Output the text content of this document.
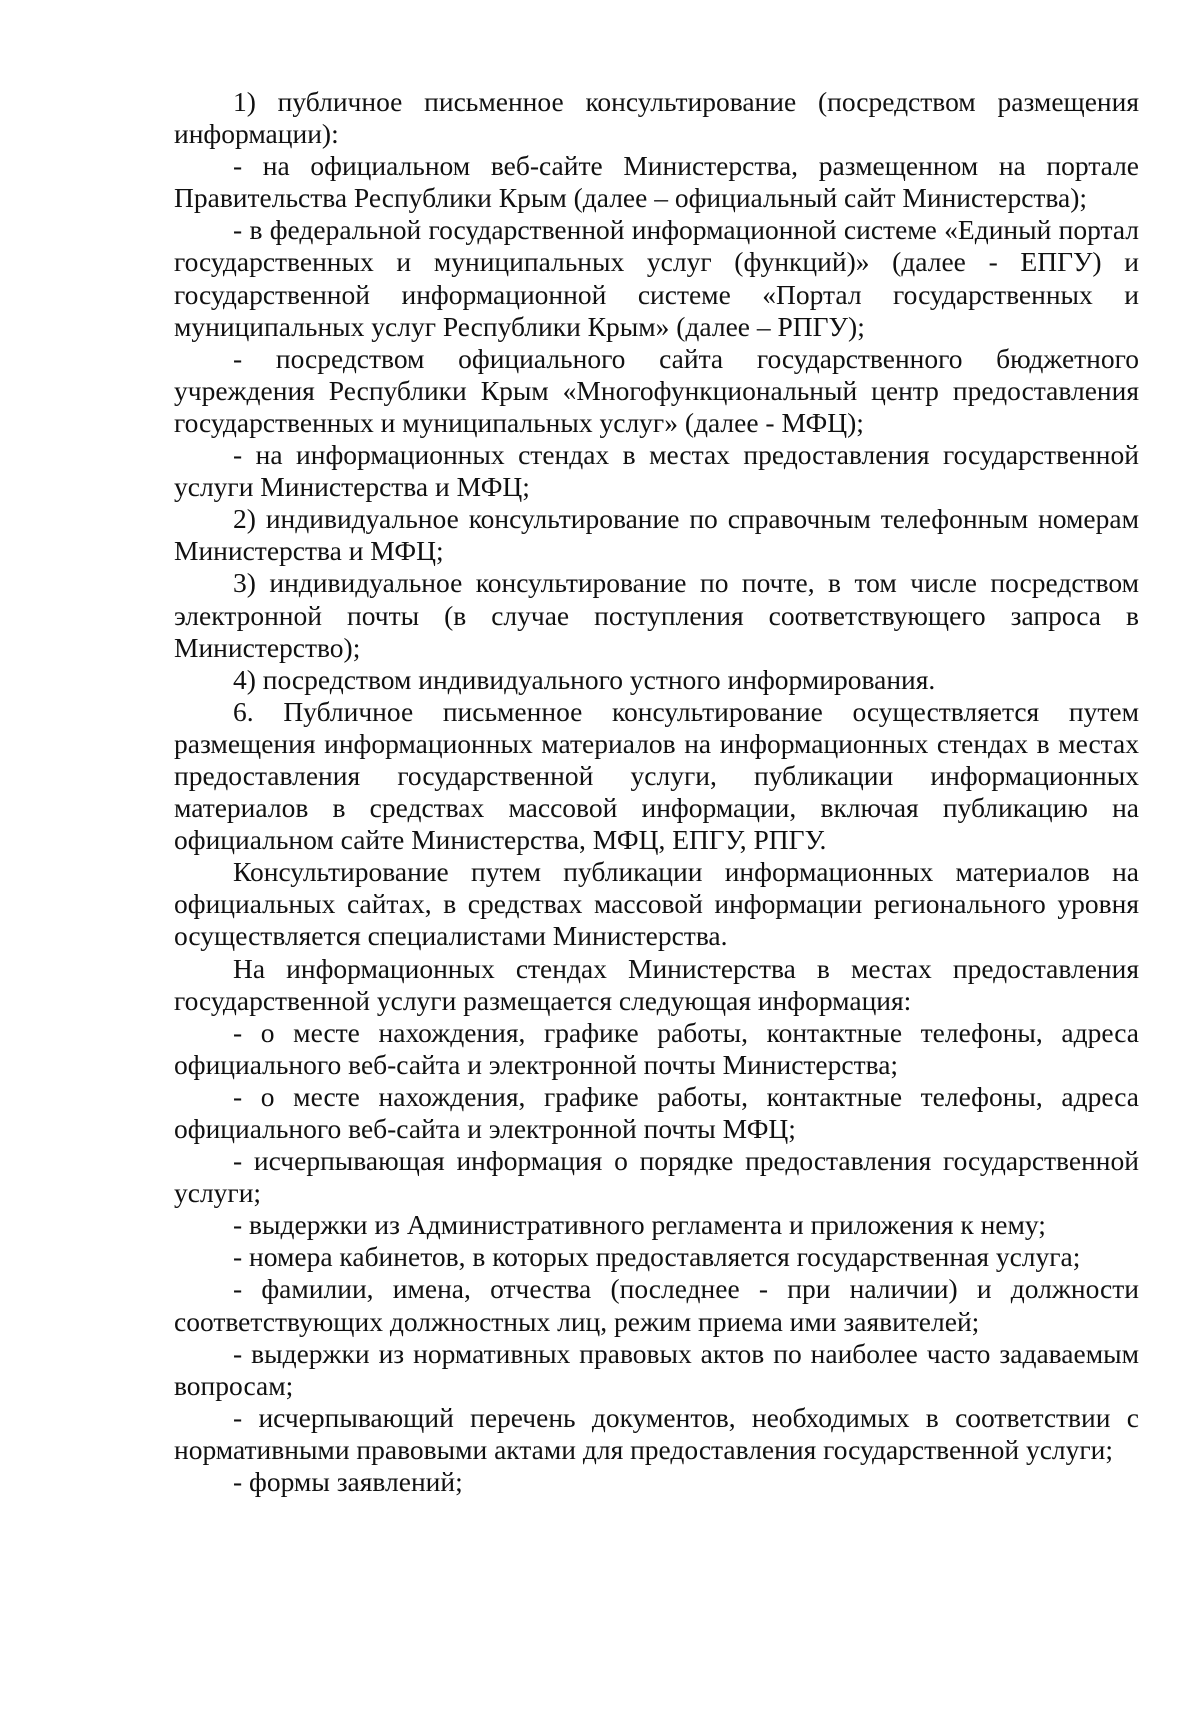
1) публичное письменное консультирование (посредством размещения информации):

- на официальном веб-сайте Министерства, размещенном на портале Правительства Республики Крым (далее – официальный сайт Министерства);

- в федеральной государственной информационной системе «Единый портал государственных и муниципальных услуг (функций)» (далее - ЕПГУ) и государственной информационной системе «Портал государственных и муниципальных услуг Республики Крым» (далее – РПГУ);

- посредством официального сайта государственного бюджетного учреждения Республики Крым «Многофункциональный центр предоставления государственных и муниципальных услуг» (далее - МФЦ);

- на информационных стендах в местах предоставления государственной услуги Министерства и МФЦ;

2) индивидуальное консультирование по справочным телефонным номерам Министерства и МФЦ;

3) индивидуальное консультирование по почте, в том числе посредством электронной почты (в случае поступления соответствующего запроса в Министерство);

4) посредством индивидуального устного информирования.

6. Публичное письменное консультирование осуществляется путем размещения информационных материалов на информационных стендах в местах предоставления государственной услуги, публикации информационных материалов в средствах массовой информации, включая публикацию на официальном сайте Министерства, МФЦ, ЕПГУ, РПГУ.

Консультирование путем публикации информационных материалов на официальных сайтах, в средствах массовой информации регионального уровня осуществляется специалистами Министерства.

На информационных стендах Министерства в местах предоставления государственной услуги размещается следующая информация:

- о месте нахождения, графике работы, контактные телефоны, адреса официального веб-сайта и электронной почты Министерства;

- о месте нахождения, графике работы, контактные телефоны, адреса официального веб-сайта и электронной почты МФЦ;

- исчерпывающая информация о порядке предоставления государственной услуги;

- выдержки из Административного регламента и приложения к нему;

- номера кабинетов, в которых предоставляется государственная услуга;

- фамилии, имена, отчества (последнее - при наличии) и должности соответствующих должностных лиц, режим приема ими заявителей;

- выдержки из нормативных правовых актов по наиболее часто задаваемым вопросам;

- исчерпывающий перечень документов, необходимых в соответствии с нормативными правовыми актами для предоставления государственной услуги;

- формы заявлений;
